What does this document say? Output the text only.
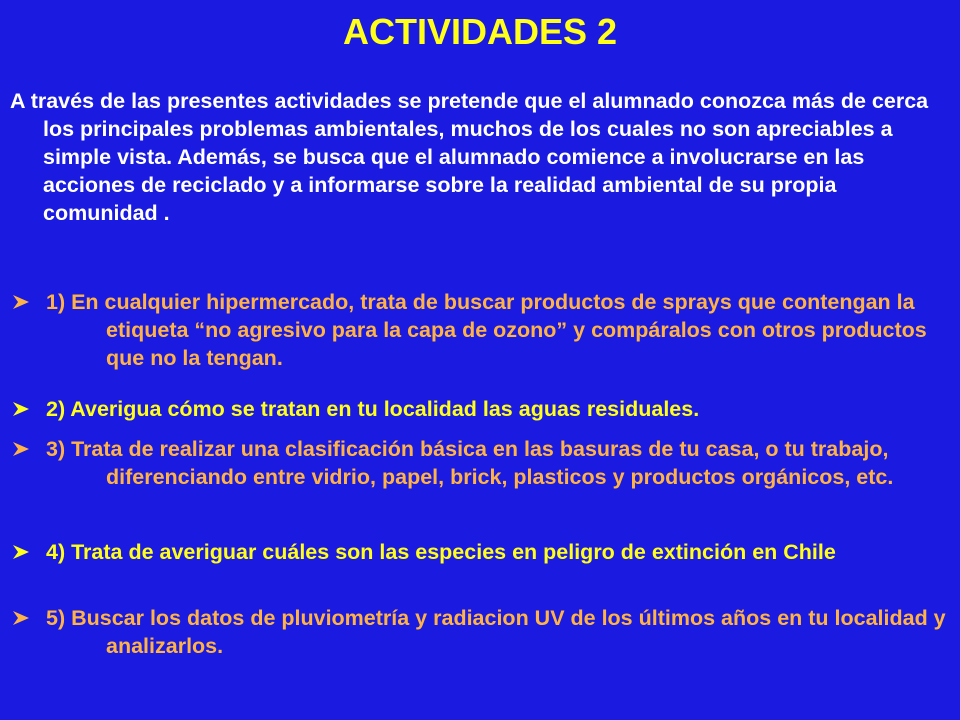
ACTIVIDADES 2
A través de las presentes actividades se pretende que el alumnado conozca más de cerca los principales problemas ambientales, muchos de los cuales no son apreciables a simple vista. Además, se busca que el alumnado comience a involucrarse en las acciones de reciclado y a informarse sobre la realidad ambiental de su propia comunidad .
1) En cualquier hipermercado, trata de buscar productos de sprays que contengan la etiqueta “no agresivo para la capa de ozono” y compáralos con otros productos que no la tengan.
2) Averigua cómo se tratan en tu localidad las aguas residuales.
3) Trata de realizar una clasificación básica en las basuras de tu casa, o tu trabajo, diferenciando entre vidrio, papel, brick, plasticos y productos orgánicos, etc.
4) Trata de averiguar cuáles son las especies en peligro de extinción en Chile
5) Buscar los datos de pluviometría y radiacion UV de los últimos años en tu localidad y analizarlos.
